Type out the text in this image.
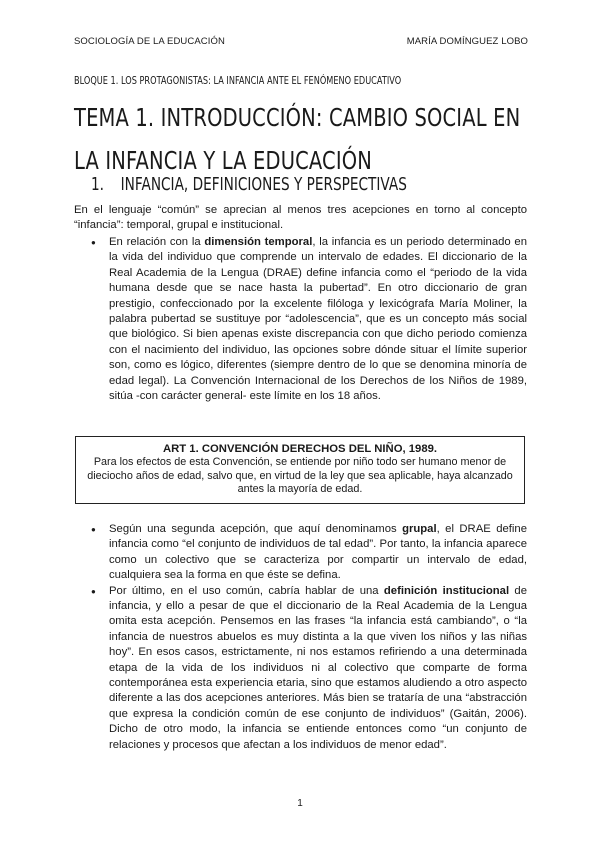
SOCIOLOGÍA DE LA EDUCACIÓN	MARÍA DOMÍNGUEZ LOBO
BLOQUE 1. LOS PROTAGONISTAS: LA INFANCIA ANTE EL FENÓMENO EDUCATIVO
TEMA 1. INTRODUCCIÓN: CAMBIO SOCIAL EN LA INFANCIA Y LA EDUCACIÓN
1. INFANCIA, DEFINICIONES Y PERSPECTIVAS

En el lenguaje “común” se aprecian al menos tres acepciones en torno al concepto “infancia”: temporal, grupal e institucional.

● En relación con la dimensión temporal, la infancia es un periodo determinado en la vida del individuo que comprende un intervalo de edades. El diccionario de la Real Academia de la Lengua (DRAE) define infancia como el “periodo de la vida humana desde que se nace hasta la pubertad”. En otro diccionario de gran prestigio, confeccionado por la excelente filóloga y lexicógrafa María Moliner, la palabra pubertad se sustituye por “adolescencia”, que es un concepto más social que biológico. Si bien apenas existe discrepancia con que dicho periodo comienza con el nacimiento del individuo, las opciones sobre dónde situar el límite superior son, como es lógico, diferentes (siempre dentro de lo que se denomina minoría de edad legal). La Convención Internacional de los Derechos de los Niños de 1989, sitúa -con carácter general- este límite en los 18 años.
ART 1. CONVENCIÓN DERECHOS DEL NIÑO, 1989.
Para los efectos de esta Convención, se entiende por niño todo ser humano menor de dieciocho años de edad, salvo que, en virtud de la ley que sea aplicable, haya alcanzado antes la mayoría de edad.
● Según una segunda acepción, que aquí denominamos grupal, el DRAE define infancia como “el conjunto de individuos de tal edad”. Por tanto, la infancia aparece como un colectivo que se caracteriza por compartir un intervalo de edad, cualquiera sea la forma en que éste se defina.
● Por último, en el uso común, cabría hablar de una definición institucional de infancia, y ello a pesar de que el diccionario de la Real Academia de la Lengua omita esta acepción. Pensemos en las frases “la infancia está cambiando”, o “la infancia de nuestros abuelos es muy distinta a la que viven los niños y las niñas hoy”. En esos casos, estrictamente, ni nos estamos refiriendo a una determinada etapa de la vida de los individuos ni al colectivo que comparte de forma contemporánea esta experiencia etaria, sino que estamos aludiendo a otro aspecto diferente a las dos acepciones anteriores. Más bien se trataría de una “abstracción que expresa la condición común de ese conjunto de individuos” (Gaitán, 2006). Dicho de otro modo, la infancia se entiende entonces como “un conjunto de relaciones y procesos que afectan a los individuos de menor edad”.
1
